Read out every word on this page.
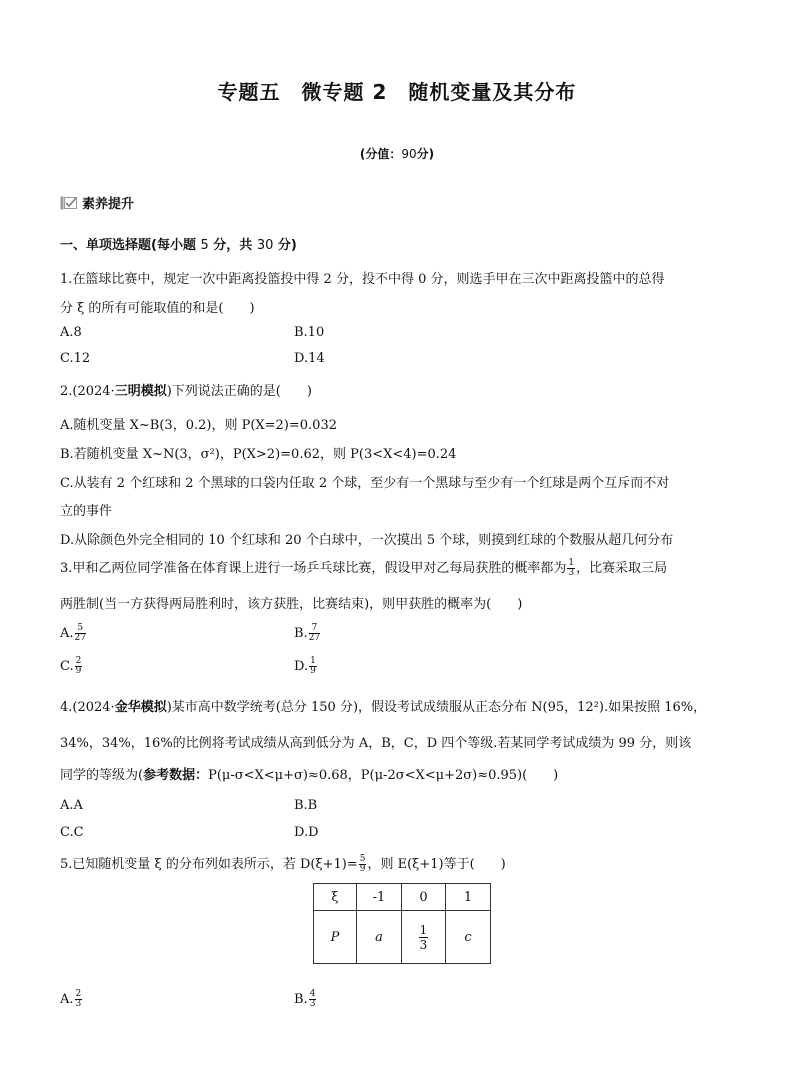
专题五　微专题 2　随机变量及其分布
(分值：90分)
素养提升
一、单项选择题(每小题 5 分，共 30 分)
1.在篮球比赛中，规定一次中距离投篮投中得 2 分，投不中得 0 分，则选手甲在三次中距离投篮中的总得
分 ξ 的所有可能取值的和是(　　)
A.8	B.10
C.12	D.14
2.(2024·三明模拟)下列说法正确的是(　　)
A.随机变量 X~B(3，0.2)，则 P(X=2)=0.032
B.若随机变量 X~N(3，σ²)，P(X>2)=0.62，则 P(3<X<4)=0.24
C.从装有 2 个红球和 2 个黑球的口袋内任取 2 个球，至少有一个黑球与至少有一个红球是两个互斥而不对
立的事件
D.从除颜色外完全相同的 10 个红球和 20 个白球中，一次摸出 5 个球，则摸到红球的个数服从超几何分布
3.甲和乙两位同学准备在体育课上进行一场乒乓球比赛，假设甲对乙每局获胜的概率都为 $\frac{1}{3}$ ，比赛采取三局
两胜制(当一方获得两局胜利时，该方获胜，比赛结束)，则甲获胜的概率为(　　)
A. $\frac{5}{27}$	B. $\frac{7}{27}$
C. $\frac{2}{9}$	D. $\frac{1}{9}$
4.(2024·金华模拟)某市高中数学统考(总分 150 分)，假设考试成绩服从正态分布 N(95，12²).如果按照 16%，
34%，34%，16%的比例将考试成绩从高到低分为 A，B，C，D 四个等级.若某同学考试成绩为 99 分，则该
同学的等级为(参考数据：P(μ-σ<X<μ+σ)≈0.68，P(μ-2σ<X<μ+2σ)≈0.95)(　　)
A.A	B.B
C.C	D.D
5.已知随机变量 ξ 的分布列如表所示，若 $D(\xi+1)= \frac{5}{9}$ ，则 E(ξ+1)等于(　　)
ξ	-1	0	1
P	a	$\frac{1}{3}$	c
A. $\frac{2}{3}$	B. $\frac{4}{3}$
